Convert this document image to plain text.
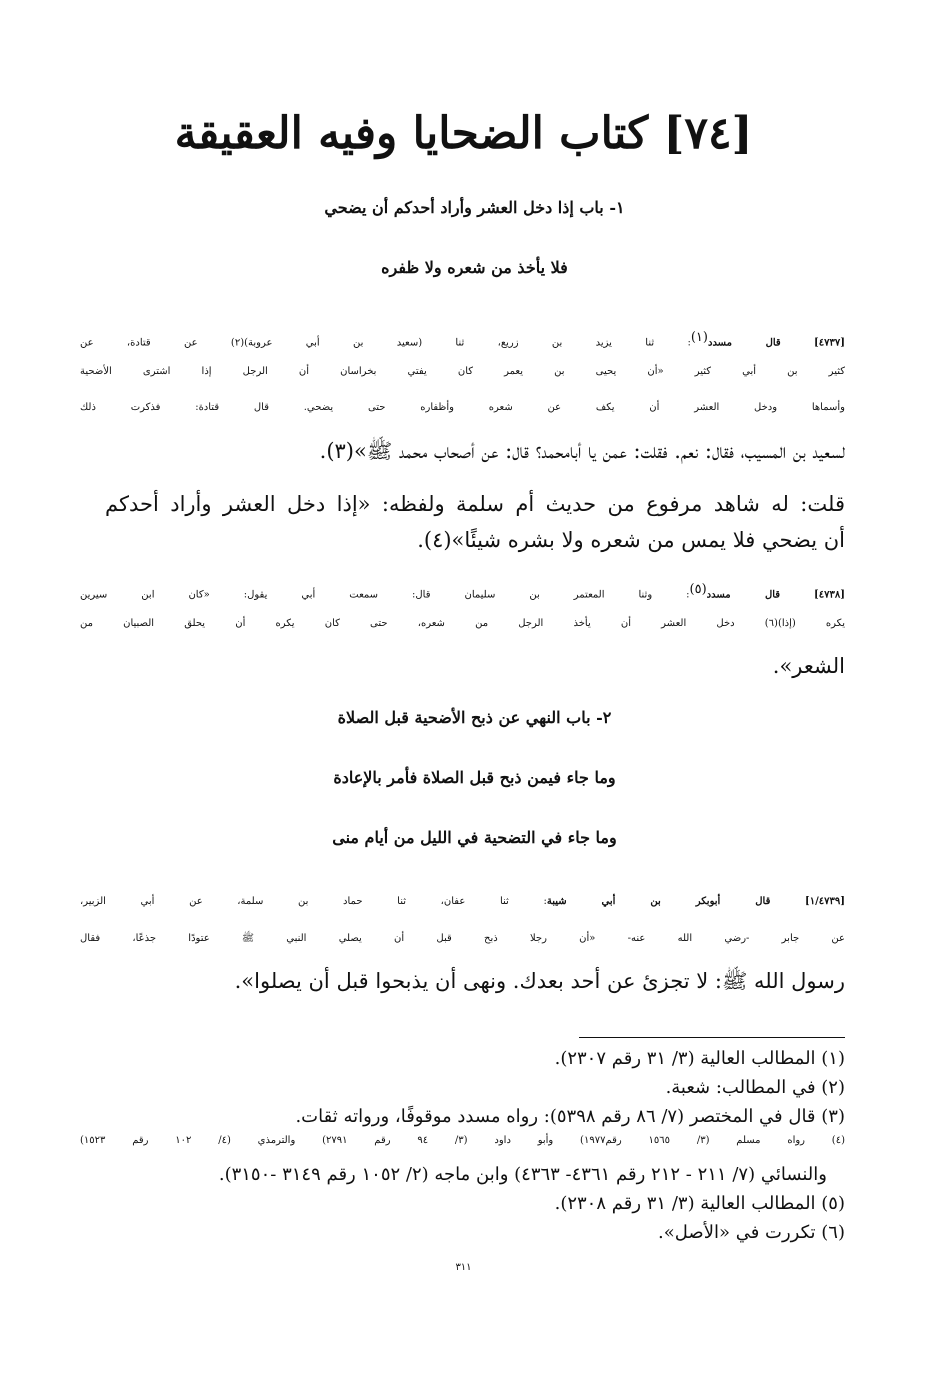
[٧٤] كتاب الضحايا وفيه العقيقة
١- باب إذا دخل العشر وأراد أحدكم أن يضحي
فلا يأخذ من شعره ولا ظفره
[٤٧٣٧] قال مسدد$^{(١)}$: ثنا يزيد بن زريع، ثنا (سعيد بن أبي عروبة)(٢) عن قتادة، عن
كثير بن أبي كثير «أن يحيى بن يعمر كان يفتي بخراسان أن الرجل إذا اشترى الأضحية
وأسماها ودخل العشر أن يكف عن شعره وأظفاره حتى يضحي. قال قتادة: فذكرت ذلك
لسعيد بن المسيب، فقال: نعم. فقلت: عمن يا أبامحمد؟ قال: عن أصحاب محمد ﷺ»(٣).
قلت: له شاهد مرفوع من حديث أم سلمة ولفظه: «إذا دخل العشر وأراد أحدكم
أن يضحي فلا يمس من شعره ولا بشره شيئًا»(٤).
[٤٧٣٨] قال مسدد$^{(٥)}$: وثنا المعتمر بن سليمان قال: سمعت أبي يقول: «كان ابن سيرين
يكره (إذا)(٦) دخل العشر أن يأخذ الرجل من شعره، حتى كان يكره أن يحلق الصبيان من
الشعر».
٢- باب النهي عن ذبح الأضحية قبل الصلاة
وما جاء فيمن ذبح قبل الصلاة فأمر بالإعادة
وما جاء في التضحية في الليل من أيام منى
[١/٤٧٣٩] قال أبوبكر بن أبي شيبة: ثنا عفان، ثنا حماد بن سلمة، عن أبي الزبير،
عن جابر -رضي الله عنه- «أن رجلا ذبح قبل أن يصلي النبي ﷺ عتودًا جذعًا، فقال
رسول الله ﷺ: لا تجزئ عن أحد بعدك. ونهى أن يذبحوا قبل أن يصلوا».
(١) المطالب العالية (٣/ ٣١ رقم ٢٣٠٧).
(٢) في المطالب: شعبة.
(٣) قال في المختصر (٧/ ٨٦ رقم ٥٣٩٨): رواه مسدد موقوفًا، ورواته ثقات.
(٤) رواه مسلم (٣/ ١٥٦٥ رقم١٩٧٧) وأبو داود (٣/ ٩٤ رقم ٢٧٩١) والترمذي (٤/ ١٠٢ رقم ١٥٢٣)
والنسائي (٧/ ٢١١ - ٢١٢ رقم ٤٣٦١- ٤٣٦٣) وابن ماجه (٢/ ١٠٥٢ رقم ٣١٤٩ -٣١٥٠).
(٥) المطالب العالية (٣/ ٣١ رقم ٢٣٠٨).
(٦) تكررت في «الأصل».
٣١١
